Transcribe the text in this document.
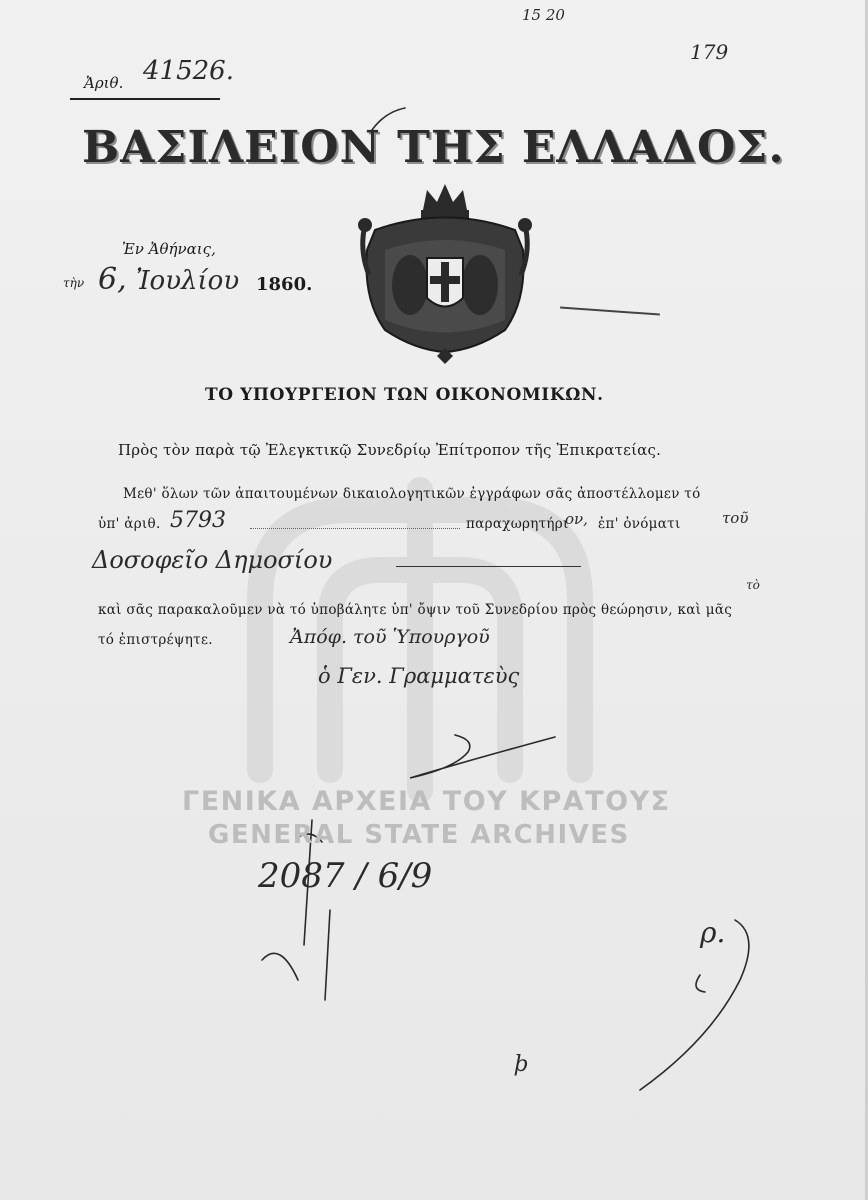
15 20
179
Ἀριθ. 41526.
ΒΑΣΙΛΕΙΟΝ ΤΗΣ ΕΛΛΑΔΟΣ.
Ἐν Ἀθήναις,
τὴν 6, Ἰουλίου 1860.
ΤΟ ΥΠΟΥΡΓΕΙΟΝ ΤΩΝ ΟΙΚΟΝΟΜΙΚΩΝ.
Πρὸς τὸν παρὰ τῷ Ἐλεγκτικῷ Συνεδρίῳ Ἐπίτροπον τῆς Ἐπικρατείας.
Μεθ' ὅλων τῶν ἀπαιτουμένων δικαιολογητικῶν ἐγγράφων σᾶς ἀποστέλλομεν τό
ὑπ' ἀριθ. 5793	παραχωρητήρι
ον, ἐπ' ὀνόματι	τοῦ
Δοσοφεῖο Δημοσίου
τὸ
καὶ σᾶς παρακαλοῦμεν νὰ τό ὑποβάλητε ὑπ' ὄψιν τοῦ Συνεδρίου πρὸς θεώρησιν, καὶ μᾶς
τό ἐπιστρέψητε.	Ἀπόφ. τοῦ Ὑπουργοῦ
ὁ Γεν. Γραμματεὺς
ΓΕΝΙΚΑ ΑΡΧΕΙΑ ΤΟΥ ΚΡΑΤΟΥΣ
GENERAL STATE ARCHIVES
2087 / 6/9
ρ.
ϸ
